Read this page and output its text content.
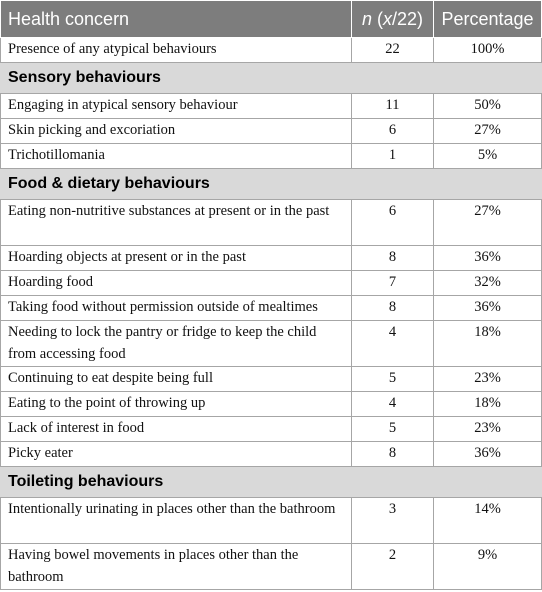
Health concern	n (x/22)	Percentage
Presence of any atypical behaviours	22	100%
Sensory behaviours		
Engaging in atypical sensory behaviour	11	50%
Skin picking and excoriation	6	27%
Trichotillomania	1	5%
Food & dietary behaviours		
Eating non-nutritive substances at present or in the past	6	27%
Hoarding objects at present or in the past	8	36%
Hoarding food	7	32%
Taking food without permission outside of mealtimes	8	36%
Needing to lock the pantry or fridge to keep the child from accessing food	4	18%
Continuing to eat despite being full	5	23%
Eating to the point of throwing up	4	18%
Lack of interest in food	5	23%
Picky eater	8	36%
Toileting behaviours		
Intentionally urinating in places other than the bathroom	3	14%
Having bowel movements in places other than the bathroom	2	9%
